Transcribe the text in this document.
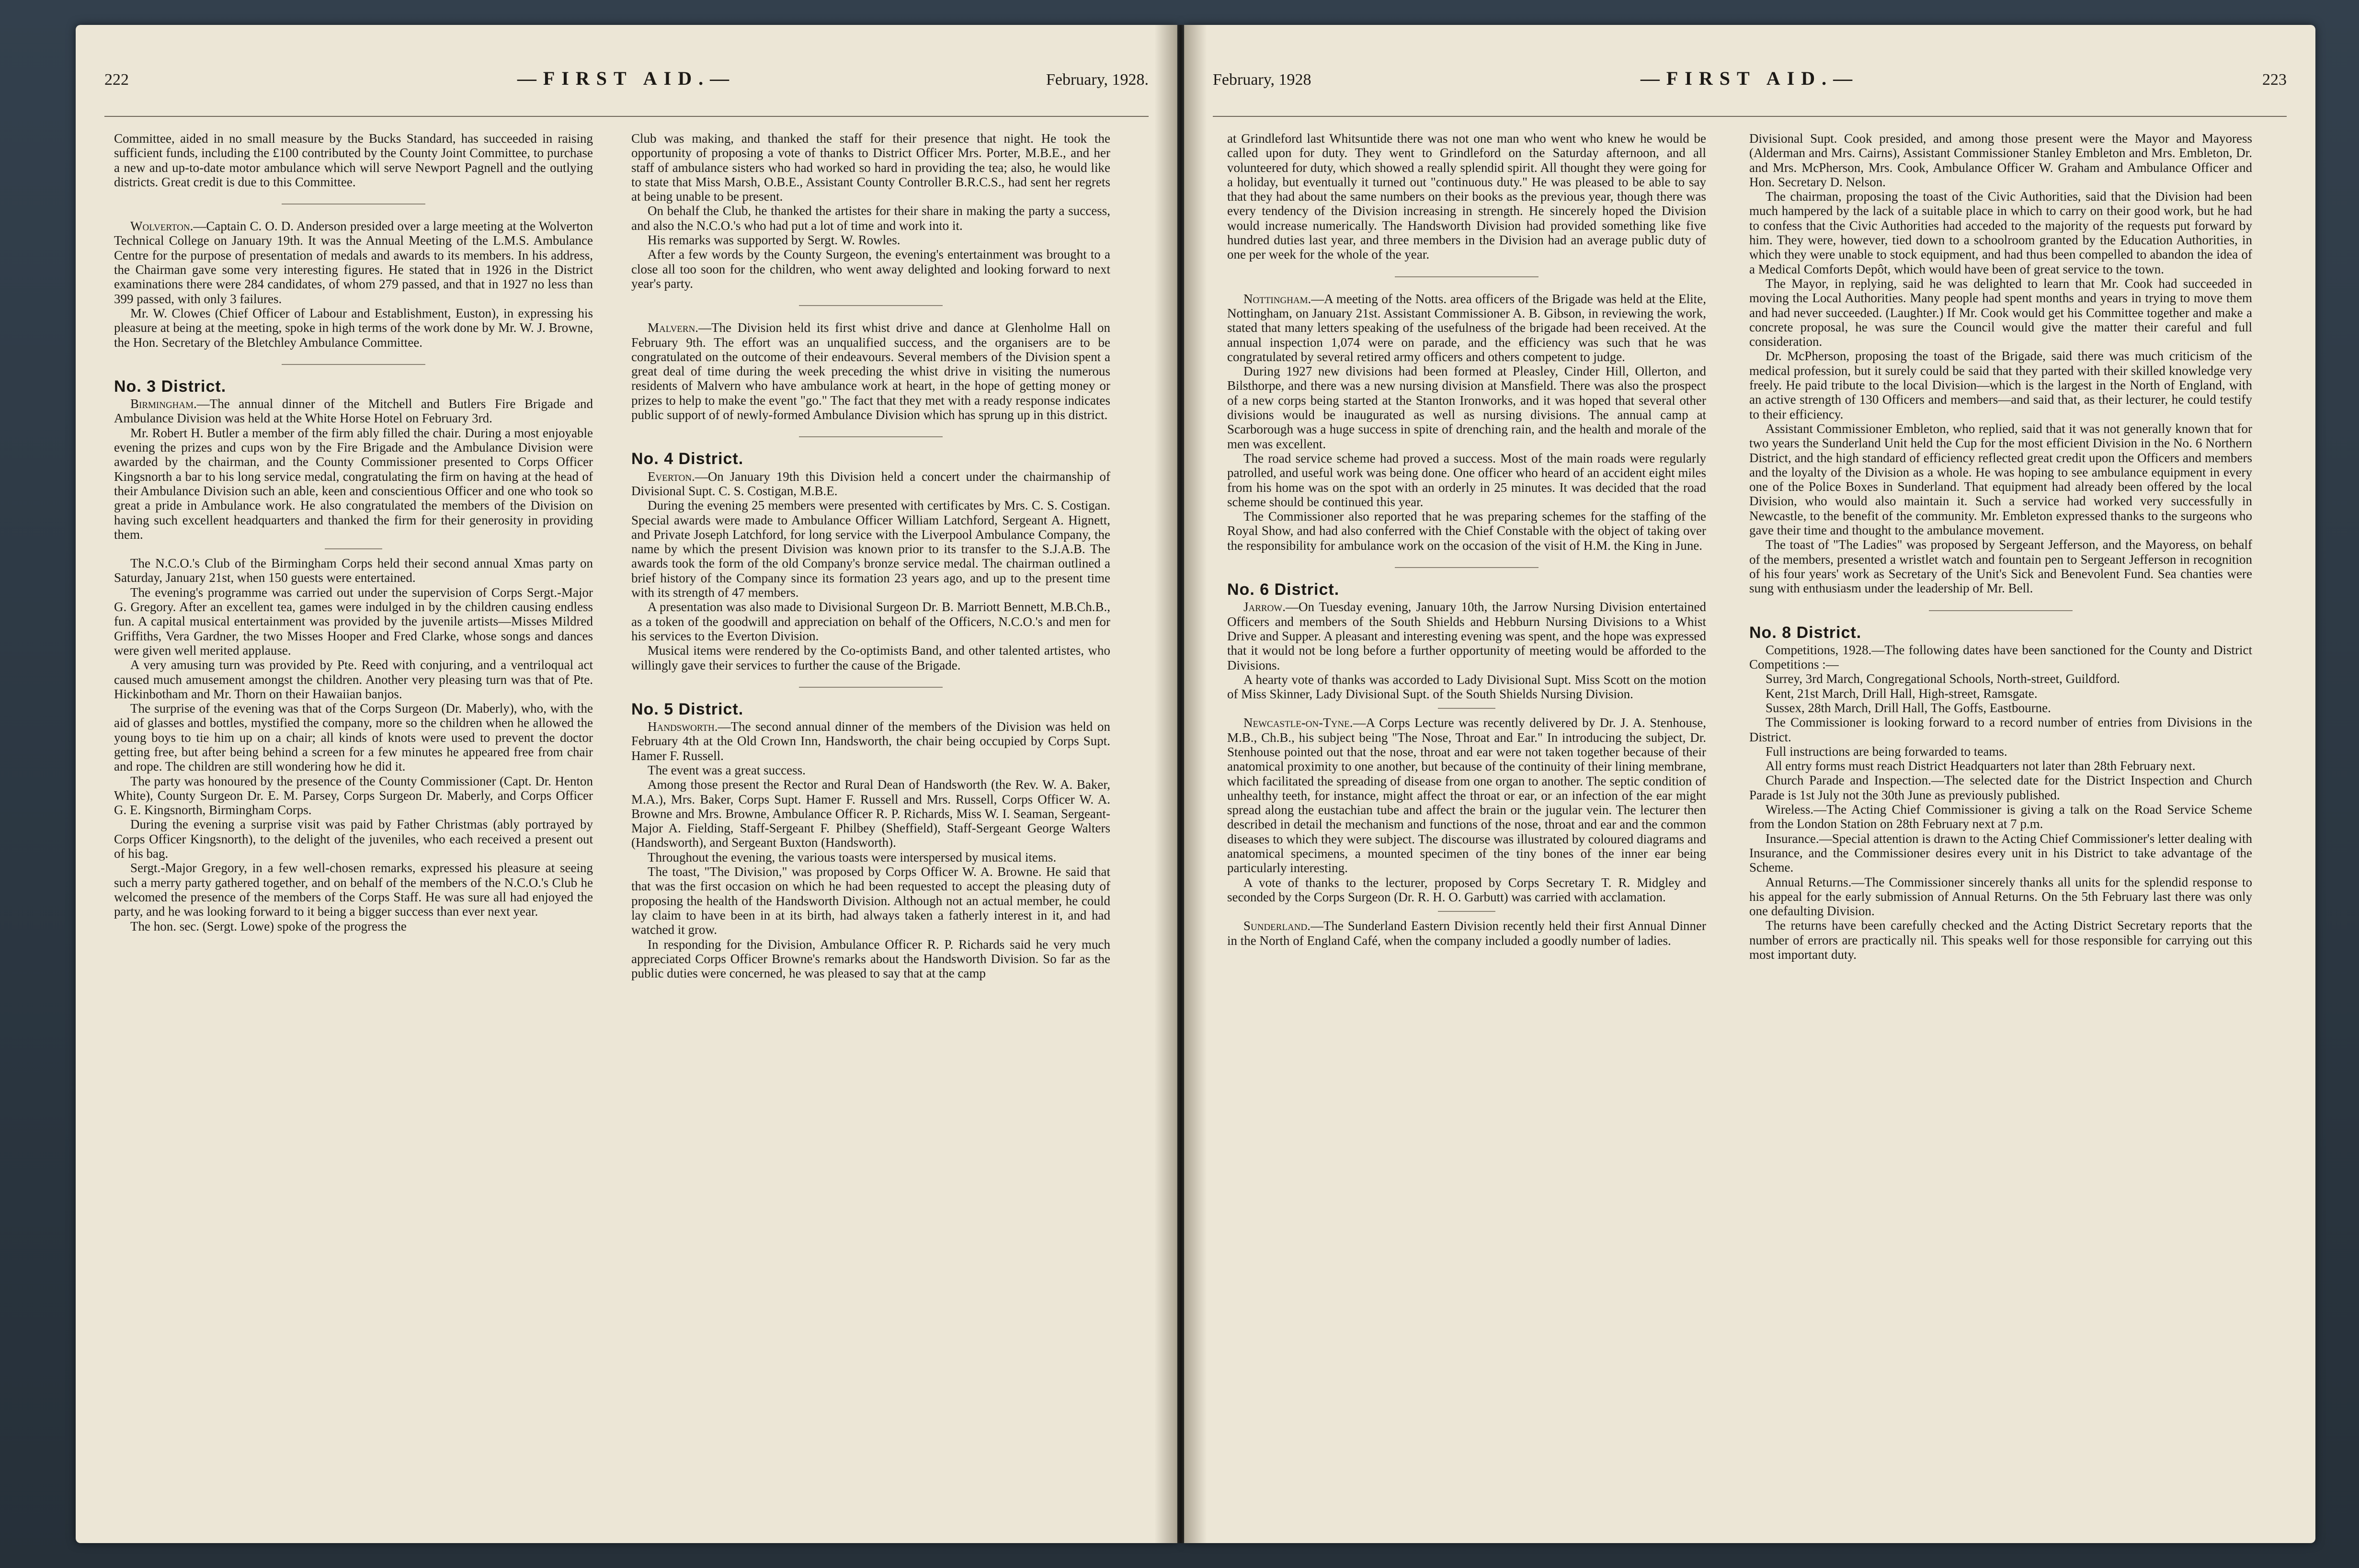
222	—FIRST AID.—	February, 1928.

Committee, aided in no small measure by the Bucks Standard, has succeeded in raising sufficient funds, including the £100 contributed by the County Joint Committee, to purchase a new and up-to-date motor ambulance which will serve Newport Pagnell and the outlying districts. Great credit is due to this Committee.

Wolverton.—Captain C. O. D. Anderson presided over a large meeting at the Wolverton Technical College on January 19th. It was the Annual Meeting of the L.M.S. Ambulance Centre for the purpose of presentation of medals and awards to its members. In his address, the Chairman gave some very interesting figures. He stated that in 1926 in the District examinations there were 284 candidates, of whom 279 passed, and that in 1927 no less than 399 passed, with only 3 failures.

Mr. W. Clowes (Chief Officer of Labour and Establishment, Euston), in expressing his pleasure at being at the meeting, spoke in high terms of the work done by Mr. W. J. Browne, the Hon. Secretary of the Bletchley Ambulance Committee.

No. 3 District.

Birmingham.—The annual dinner of the Mitchell and Butlers Fire Brigade and Ambulance Division was held at the White Horse Hotel on February 3rd.

Mr. Robert H. Butler a member of the firm ably filled the chair. During a most enjoyable evening the prizes and cups won by the Fire Brigade and the Ambulance Division were awarded by the chairman, and the County Commissioner presented to Corps Officer Kingsnorth a bar to his long service medal, congratulating the firm on having at the head of their Ambulance Division such an able, keen and conscientious Officer and one who took so great a pride in Ambulance work. He also congratulated the members of the Division on having such excellent headquarters and thanked the firm for their generosity in providing them.

The N.C.O.'s Club of the Birmingham Corps held their second annual Xmas party on Saturday, January 21st, when 150 guests were entertained.

The evening's programme was carried out under the supervision of Corps Sergt.-Major G. Gregory. After an excellent tea, games were indulged in by the children causing endless fun. A capital musical entertainment was provided by the juvenile artists—Misses Mildred Griffiths, Vera Gardner, the two Misses Hooper and Fred Clarke, whose songs and dances were given well merited applause.

A very amusing turn was provided by Pte. Reed with conjuring, and a ventriloqual act caused much amusement amongst the children. Another very pleasing turn was that of Pte. Hickinbotham and Mr. Thorn on their Hawaiian banjos.

The surprise of the evening was that of the Corps Surgeon (Dr. Maberly), who, with the aid of glasses and bottles, mystified the company, more so the children when he allowed the young boys to tie him up on a chair; all kinds of knots were used to prevent the doctor getting free, but after being behind a screen for a few minutes he appeared free from chair and rope. The children are still wondering how he did it.

The party was honoured by the presence of the County Commissioner (Capt. Dr. Henton White), County Surgeon Dr. E. M. Parsey, Corps Surgeon Dr. Maberly, and Corps Officer G. E. Kingsnorth, Birmingham Corps.

During the evening a surprise visit was paid by Father Christmas (ably portrayed by Corps Officer Kingsnorth), to the delight of the juveniles, who each received a present out of his bag.

Sergt.-Major Gregory, in a few well-chosen remarks, expressed his pleasure at seeing such a merry party gathered together, and on behalf of the members of the N.C.O.'s Club he welcomed the presence of the members of the Corps Staff. He was sure all had enjoyed the party, and he was looking forward to it being a bigger success than ever next year.

The hon. sec. (Sergt. Lowe) spoke of the progress the

Club was making, and thanked the staff for their presence that night. He took the opportunity of proposing a vote of thanks to District Officer Mrs. Porter, M.B.E., and her staff of ambulance sisters who had worked so hard in providing the tea; also, he would like to state that Miss Marsh, O.B.E., Assistant County Controller B.R.C.S., had sent her regrets at being unable to be present.

On behalf the Club, he thanked the artistes for their share in making the party a success, and also the N.C.O.'s who had put a lot of time and work into it.

His remarks was supported by Sergt. W. Rowles.

After a few words by the County Surgeon, the evening's entertainment was brought to a close all too soon for the children, who went away delighted and looking forward to next year's party.

Malvern.—The Division held its first whist drive and dance at Glenholme Hall on February 9th. The effort was an unqualified success, and the organisers are to be congratulated on the outcome of their endeavours. Several members of the Division spent a great deal of time during the week preceding the whist drive in visiting the numerous residents of Malvern who have ambulance work at heart, in the hope of getting money or prizes to help to make the event "go." The fact that they met with a ready response indicates public support of of newly-formed Ambulance Division which has sprung up in this district.

No. 4 District.

Everton.—On January 19th this Division held a concert under the chairmanship of Divisional Supt. C. S. Costigan, M.B.E.

During the evening 25 members were presented with certificates by Mrs. C. S. Costigan. Special awards were made to Ambulance Officer William Latchford, Sergeant A. Hignett, and Private Joseph Latchford, for long service with the Liverpool Ambulance Company, the name by which the present Division was known prior to its transfer to the S.J.A.B. The awards took the form of the old Company's bronze service medal. The chairman outlined a brief history of the Company since its formation 23 years ago, and up to the present time with its strength of 47 members.

A presentation was also made to Divisional Surgeon Dr. B. Marriott Bennett, M.B.Ch.B., as a token of the goodwill and appreciation on behalf of the Officers, N.C.O.'s and men for his services to the Everton Division.

Musical items were rendered by the Co-optimists Band, and other talented artistes, who willingly gave their services to further the cause of the Brigade.

No. 5 District.

Handsworth.—The second annual dinner of the members of the Division was held on February 4th at the Old Crown Inn, Handsworth, the chair being occupied by Corps Supt. Hamer F. Russell.

The event was a great success.

Among those present the Rector and Rural Dean of Handsworth (the Rev. W. A. Baker, M.A.), Mrs. Baker, Corps Supt. Hamer F. Russell and Mrs. Russell, Corps Officer W. A. Browne and Mrs. Browne, Ambulance Officer R. P. Richards, Miss W. I. Seaman, Sergeant-Major A. Fielding, Staff-Sergeant F. Philbey (Sheffield), Staff-Sergeant George Walters (Handsworth), and Sergeant Buxton (Handsworth).

Throughout the evening, the various toasts were interspersed by musical items.

The toast, "The Division," was proposed by Corps Officer W. A. Browne. He said that that was the first occasion on which he had been requested to accept the pleasing duty of proposing the health of the Handsworth Division. Although not an actual member, he could lay claim to have been in at its birth, had always taken a fatherly interest in it, and had watched it grow.

In responding for the Division, Ambulance Officer R. P. Richards said he very much appreciated Corps Officer Browne's remarks about the Handsworth Division. So far as the public duties were concerned, he was pleased to say that at the camp

February, 1928	—FIRST AID.—	223

at Grindleford last Whitsuntide there was not one man who went who knew he would be called upon for duty. They went to Grindleford on the Saturday afternoon, and all volunteered for duty, which showed a really splendid spirit. All thought they were going for a holiday, but eventually it turned out "continuous duty." He was pleased to be able to say that they had about the same numbers on their books as the previous year, though there was every tendency of the Division increasing in strength. He sincerely hoped the Division would increase numerically. The Handsworth Division had provided something like five hundred duties last year, and three members in the Division had an average public duty of one per week for the whole of the year.

Nottingham.—A meeting of the Notts. area officers of the Brigade was held at the Elite, Nottingham, on January 21st. Assistant Commissioner A. B. Gibson, in reviewing the work, stated that many letters speaking of the usefulness of the brigade had been received. At the annual inspection 1,074 were on parade, and the efficiency was such that he was congratulated by several retired army officers and others competent to judge.

During 1927 new divisions had been formed at Pleasley, Cinder Hill, Ollerton, and Bilsthorpe, and there was a new nursing division at Mansfield. There was also the prospect of a new corps being started at the Stanton Ironworks, and it was hoped that several other divisions would be inaugurated as well as nursing divisions. The annual camp at Scarborough was a huge success in spite of drenching rain, and the health and morale of the men was excellent.

The road service scheme had proved a success. Most of the main roads were regularly patrolled, and useful work was being done. One officer who heard of an accident eight miles from his home was on the spot with an orderly in 25 minutes. It was decided that the road scheme should be continued this year.

The Commissioner also reported that he was preparing schemes for the staffing of the Royal Show, and had also conferred with the Chief Constable with the object of taking over the responsibility for ambulance work on the occasion of the visit of H.M. the King in June.

No. 6 District.

Jarrow.—On Tuesday evening, January 10th, the Jarrow Nursing Division entertained Officers and members of the South Shields and Hebburn Nursing Divisions to a Whist Drive and Supper. A pleasant and interesting evening was spent, and the hope was expressed that it would not be long before a further opportunity of meeting would be afforded to the Divisions.

A hearty vote of thanks was accorded to Lady Divisional Supt. Miss Scott on the motion of Miss Skinner, Lady Divisional Supt. of the South Shields Nursing Division.

Newcastle-on-Tyne.—A Corps Lecture was recently delivered by Dr. J. A. Stenhouse, M.B., Ch.B., his subject being "The Nose, Throat and Ear." In introducing the subject, Dr. Stenhouse pointed out that the nose, throat and ear were not taken together because of their anatomical proximity to one another, but because of the continuity of their lining membrane, which facilitated the spreading of disease from one organ to another. The septic condition of unhealthy teeth, for instance, might affect the throat or ear, or an infection of the ear might spread along the eustachian tube and affect the brain or the jugular vein. The lecturer then described in detail the mechanism and functions of the nose, throat and ear and the common diseases to which they were subject. The discourse was illustrated by coloured diagrams and anatomical specimens, a mounted specimen of the tiny bones of the inner ear being particularly interesting.

A vote of thanks to the lecturer, proposed by Corps Secretary T. R. Midgley and seconded by the Corps Surgeon (Dr. R. H. O. Garbutt) was carried with acclamation.

Sunderland.—The Sunderland Eastern Division recently held their first Annual Dinner in the North of England Café, when the company included a goodly number of ladies.

Divisional Supt. Cook presided, and among those present were the Mayor and Mayoress (Alderman and Mrs. Cairns), Assistant Commissioner Stanley Embleton and Mrs. Embleton, Dr. and Mrs. McPherson, Mrs. Cook, Ambulance Officer W. Graham and Ambulance Officer and Hon. Secretary D. Nelson.

The chairman, proposing the toast of the Civic Authorities, said that the Division had been much hampered by the lack of a suitable place in which to carry on their good work, but he had to confess that the Civic Authorities had acceded to the majority of the requests put forward by him. They were, however, tied down to a schoolroom granted by the Education Authorities, in which they were unable to stock equipment, and had thus been compelled to abandon the idea of a Medical Comforts Depôt, which would have been of great service to the town.

The Mayor, in replying, said he was delighted to learn that Mr. Cook had succeeded in moving the Local Authorities. Many people had spent months and years in trying to move them and had never succeeded. (Laughter.) If Mr. Cook would get his Committee together and make a concrete proposal, he was sure the Council would give the matter their careful and full consideration.

Dr. McPherson, proposing the toast of the Brigade, said there was much criticism of the medical profession, but it surely could be said that they parted with their skilled knowledge very freely. He paid tribute to the local Division—which is the largest in the North of England, with an active strength of 130 Officers and members—and said that, as their lecturer, he could testify to their efficiency.

Assistant Commissioner Embleton, who replied, said that it was not generally known that for two years the Sunderland Unit held the Cup for the most efficient Division in the No. 6 Northern District, and the high standard of efficiency reflected great credit upon the Officers and members and the loyalty of the Division as a whole. He was hoping to see ambulance equipment in every one of the Police Boxes in Sunderland. That equipment had already been offered by the local Division, who would also maintain it. Such a service had worked very successfully in Newcastle, to the benefit of the community. Mr. Embleton expressed thanks to the surgeons who gave their time and thought to the ambulance movement.

The toast of "The Ladies" was proposed by Sergeant Jefferson, and the Mayoress, on behalf of the members, presented a wristlet watch and fountain pen to Sergeant Jefferson in recognition of his four years' work as Secretary of the Unit's Sick and Benevolent Fund. Sea chanties were sung with enthusiasm under the leadership of Mr. Bell.

No. 8 District.

Competitions, 1928.—The following dates have been sanctioned for the County and District Competitions :—

Surrey, 3rd March, Congregational Schools, North-street, Guildford.

Kent, 21st March, Drill Hall, High-street, Ramsgate.

Sussex, 28th March, Drill Hall, The Goffs, Eastbourne.

The Commissioner is looking forward to a record number of entries from Divisions in the District.

Full instructions are being forwarded to teams.

All entry forms must reach District Headquarters not later than 28th February next.

Church Parade and Inspection.—The selected date for the District Inspection and Church Parade is 1st July not the 30th June as previously published.

Wireless.—The Acting Chief Commissioner is giving a talk on the Road Service Scheme from the London Station on 28th February next at 7 p.m.

Insurance.—Special attention is drawn to the Acting Chief Commissioner's letter dealing with Insurance, and the Commissioner desires every unit in his District to take advantage of the Scheme.

Annual Returns.—The Commissioner sincerely thanks all units for the splendid response to his appeal for the early submission of Annual Returns. On the 5th February last there was only one defaulting Division.

The returns have been carefully checked and the Acting District Secretary reports that the number of errors are practically nil. This speaks well for those responsible for carrying out this most important duty.
